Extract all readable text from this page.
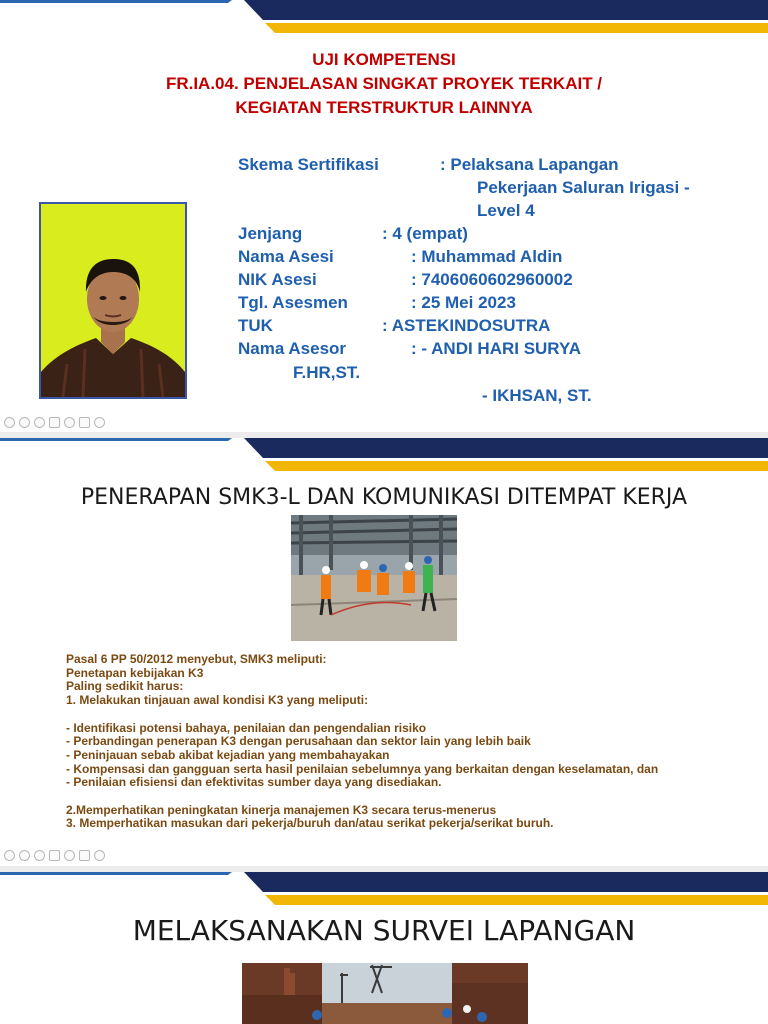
UJI KOMPETENSI
FR.IA.04. PENJELASAN SINGKAT PROYEK TERKAIT /
KEGIATAN TERSTRUKTUR LAINNYA
Skema Sertifikasi	: Pelaksana Lapangan
Pekerjaan Saluran Irigasi -
Level 4
Jenjang	: 4 (empat)
Nama Asesi	: Muhammad Aldin
NIK Asesi	: 7406060602960002
Tgl. Asesmen	: 25 Mei 2023
TUK	: ASTEKINDOSUTRA
Nama Asesor	: - ANDI HARI SURYA
F.HR,ST.
- IKHSAN, ST.
PENERAPAN SMK3-L DAN KOMUNIKASI DITEMPAT KERJA
Pasal 6 PP 50/2012 menyebut, SMK3 meliputi:
Penetapan kebijakan K3
Paling sedikit harus:
1. Melakukan tinjauan awal kondisi K3 yang meliputi:
- Identifikasi potensi bahaya, penilaian dan pengendalian risiko
- Perbandingan penerapan K3 dengan perusahaan dan sektor lain yang lebih baik
- Peninjauan sebab akibat kejadian yang membahayakan
- Kompensasi dan gangguan serta hasil penilaian sebelumnya yang berkaitan dengan keselamatan, dan
- Penilaian efisiensi dan efektivitas sumber daya yang disediakan.
2.Memperhatikan peningkatan kinerja manajemen K3 secara terus-menerus
3. Memperhatikan masukan dari pekerja/buruh dan/atau serikat pekerja/serikat buruh.
MELAKSANAKAN SURVEI LAPANGAN
